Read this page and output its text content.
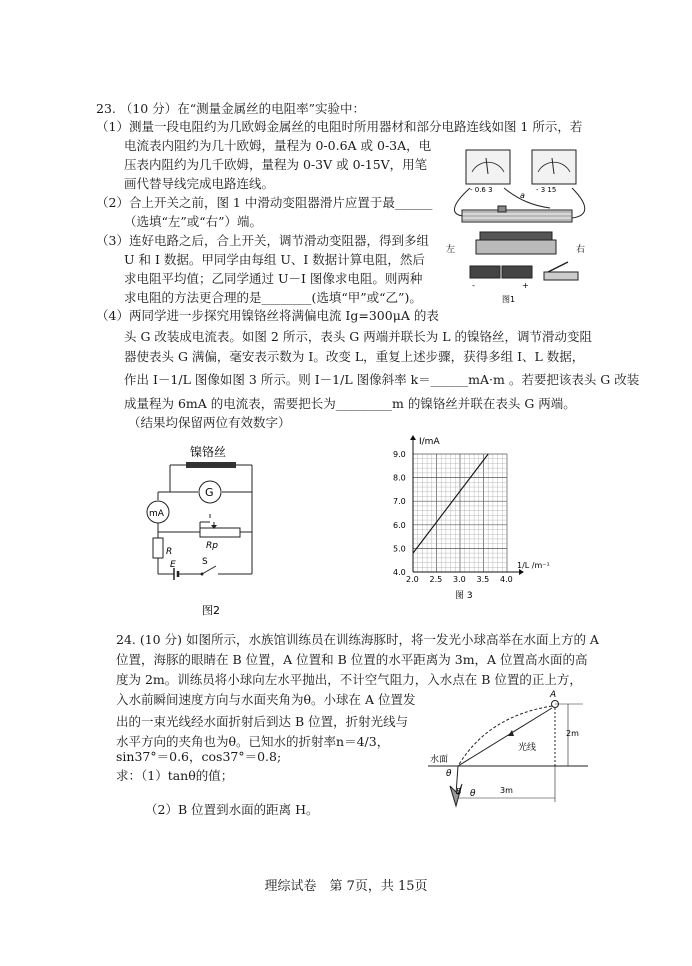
23. （10 分）在“测量金属丝的电阻率”实验中：
（1）测量一段电阻约为几欧姆金属丝的电阻时所用器材和部分电路连线如图 1 所示，若
电流表内阻约为几十欧姆，量程为 0-0.6A 或 0-3A，电
压表内阻约为几千欧姆，量程为 0-3V 或 0-15V，用笔
画代替导线完成电路连线。
（2）合上开关之前，图 1 中滑动变阻器滑片应置于最______
（选填“左”或“右”）端。
（3）连好电路之后，合上开关，调节滑动变阻器，得到多组
U 和 I 数据。甲同学由每组 U、I 数据计算电阻，然后
求电阻平均值；乙同学通过 U－I 图像求电阻。则两种
求电阻的方法更合理的是________(选填“甲”或“乙”)。
（4）两同学进一步探究用镍铬丝将满偏电流 Ig=300μA 的表
头 G 改装成电流表。如图 2 所示，表头 G 两端并联长为 L 的镍铬丝，调节滑动变阻
器使表头 G 满偏，毫安表示数为 I。改变 L，重复上述步骤，获得多组 I、L 数据，
作出 I－1/L 图像如图 3 所示。则 I－1/L 图像斜率 k＝______mA·m 。若要把该表头 G 改装
成量程为 6mA 的电流表，需要把长为_________m 的镍铬丝并联在表头 G 两端。
（结果均保留两位有效数字）
- 0.6 3	- 3 15
a
左	右
-	+
图1
镍铬丝
G
mA
Rp
R
E	S
图2
2.0 2.5 3.0 3.5 4.0
4.0
5.0
6.0
7.0
8.0
9.0
I/mA
1/L /m⁻¹
图 3
24. (10 分) 如图所示，水族馆训练员在训练海豚时，将一发光小球高举在水面上方的 A
位置，海豚的眼睛在 B 位置，A 位置和 B 位置的水平距离为 3m，A 位置高水面的高
度为 2m。训练员将小球向左水平抛出，不计空气阻力，入水点在 B 位置的正上方，
入水前瞬间速度方向与水面夹角为θ。小球在 A 位置发
出的一束光线经水面折射后到达 B 位置，折射光线与
水平方向的夹角也为θ。已知水的折射率n＝4/3，
sin37°＝0.6，cos37°＝0.8;
求：（1）tanθ的值；
（2）B 位置到水面的距离 H。
A
2m
水面
光线
θ
θ
B	3m
理综试卷　第 7页，共 15页
